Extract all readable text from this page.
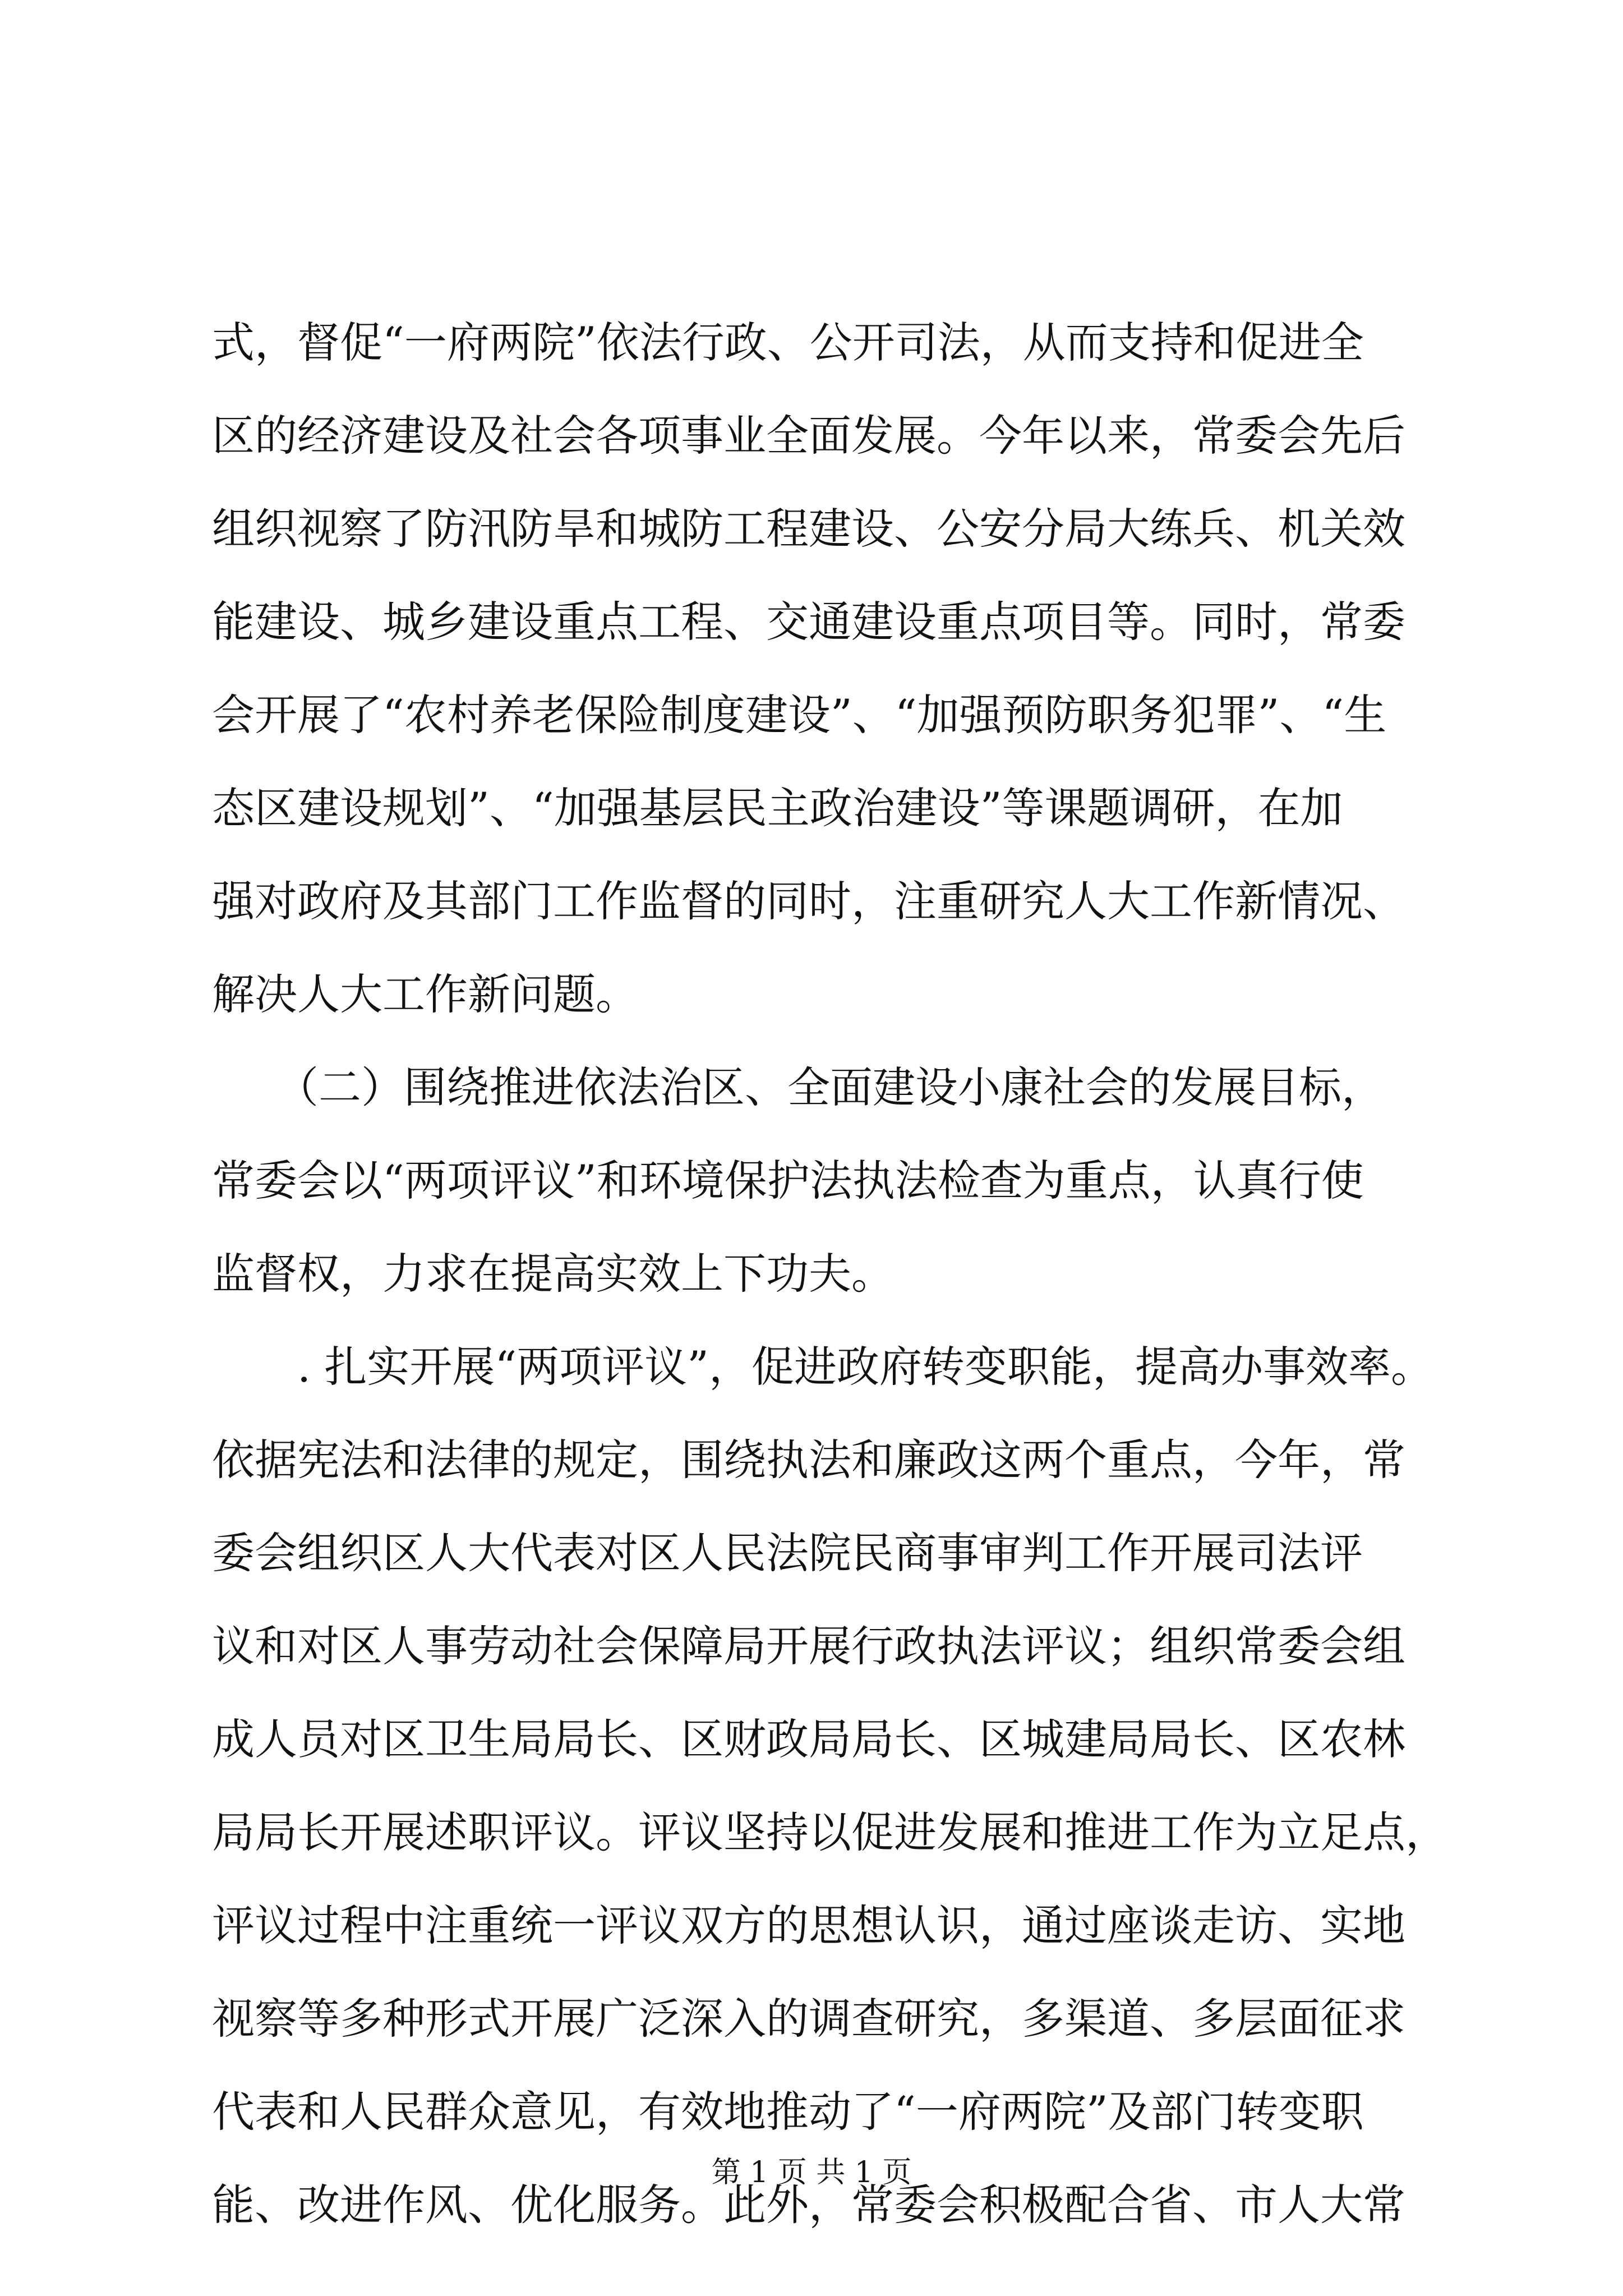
式，督促“一府两院”依法行政、公开司法，从而支持和促进全
区的经济建设及社会各项事业全面发展。今年以来，常委会先后
组织视察了防汛防旱和城防工程建设、公安分局大练兵、机关效
能建设、城乡建设重点工程、交通建设重点项目等。同时，常委
会开展了“农村养老保险制度建设”、“加强预防职务犯罪”、“生
态区建设规划”、“加强基层民主政治建设”等课题调研，在加
强对政府及其部门工作监督的同时，注重研究人大工作新情况、
解决人大工作新问题。
　　（二）围绕推进依法治区、全面建设小康社会的发展目标，
常委会以“两项评议”和环境保护法执法检查为重点，认真行使
监督权，力求在提高实效上下功夫。
　　. 扎实开展“两项评议”，促进政府转变职能，提高办事效率。
依据宪法和法律的规定，围绕执法和廉政这两个重点，今年，常
委会组织区人大代表对区人民法院民商事审判工作开展司法评
议和对区人事劳动社会保障局开展行政执法评议；组织常委会组
成人员对区卫生局局长、区财政局局长、区城建局局长、区农林
局局长开展述职评议。评议坚持以促进发展和推进工作为立足点，
评议过程中注重统一评议双方的思想认识，通过座谈走访、实地
视察等多种形式开展广泛深入的调查研究，多渠道、多层面征求
代表和人民群众意见，有效地推动了“一府两院”及部门转变职
能、改进作风、优化服务。此外，常委会积极配合省、市人大常
第 1 页 共 1 页
